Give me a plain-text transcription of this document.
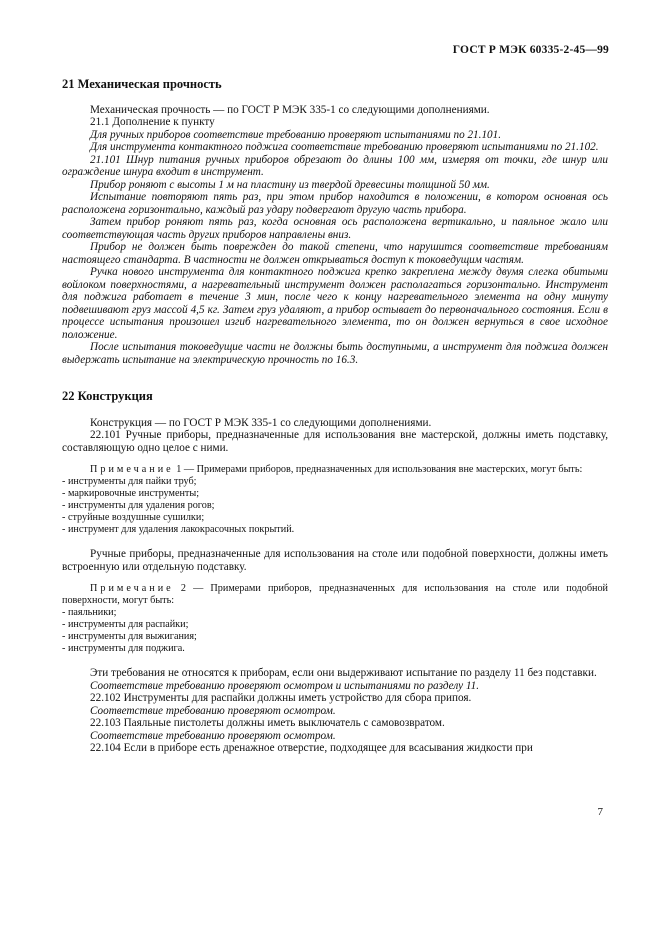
ГОСТ Р МЭК 60335-2-45—99
21 Механическая прочность

Механическая прочность — по ГОСТ Р МЭК 335-1 со следующими дополнениями.

21.1 Дополнение к пункту

Для ручных приборов соответствие требованию проверяют испытаниями по 21.101.

Для инструмента контактного поджига соответствие требованию проверяют испытаниями по 21.102.

21.101 Шнур питания ручных приборов обрезают до длины 100 мм, измеряя от точки, где шнур или ограждение шнура входит в инструмент.

Прибор роняют с высоты 1 м на пластину из твердой древесины толщиной 50 мм.

Испытание повторяют пять раз, при этом прибор находится в положении, в котором основная ось расположена горизонтально, каждый раз удару подвергают другую часть прибора.

Затем прибор роняют пять раз, когда основная ось расположена вертикально, и паяльное жало или соответствующая часть других приборов направлены вниз.

Прибор не должен быть поврежден до такой степени, что нарушится соответствие требованиям настоящего стандарта. В частности не должен открываться доступ к токоведущим частям.

Ручка нового инструмента для контактного поджига крепко закреплена между двумя слегка обитыми войлоком поверхностями, а нагревательный инструмент должен располагаться горизонтально. Инструмент для поджига работает в течение 3 мин, после чего к концу нагревательного элемента на одну минуту подвешивают груз массой 4,5 кг. Затем груз удаляют, а прибор остывает до первоначального состояния. Если в процессе испытания произошел изгиб нагревательного элемента, то он должен вернуться в свое исходное положение.

После испытания токоведущие части не должны быть доступными, а инструмент для поджига должен выдержать испытание на электрическую прочность по 16.3.

22 Конструкция

Конструкция — по ГОСТ Р МЭК 335-1 со следующими дополнениями.

22.101 Ручные приборы, предназначенные для использования вне мастерской, должны иметь подставку, составляющую одно целое с ними.

Примечание 1 — Примерами приборов, предназначенных для использования вне мастерских, могут быть:

- инструменты для пайки труб;
- маркировочные инструменты;
- инструменты для удаления рогов;
- струйные воздушные сушилки;
- инструмент для удаления лакокрасочных покрытий.

Ручные приборы, предназначенные для использования на столе или подобной поверхности, должны иметь встроенную или отдельную подставку.

Примечание 2 — Примерами приборов, предназначенных для использования на столе или подобной поверхности, могут быть:

- паяльники;
- инструменты для распайки;
- инструменты для выжигания;
- инструменты для поджига.

Эти требования не относятся к приборам, если они выдерживают испытание по разделу 11 без подставки.

Соответствие требованию проверяют осмотром и испытаниями по разделу 11.

22.102 Инструменты для распайки должны иметь устройство для сбора припоя.

Соответствие требованию проверяют осмотром.

22.103 Паяльные пистолеты должны иметь выключатель с самовозвратом.

Соответствие требованию проверяют осмотром.

22.104 Если в приборе есть дренажное отверстие, подходящее для всасывания жидкости при

7
